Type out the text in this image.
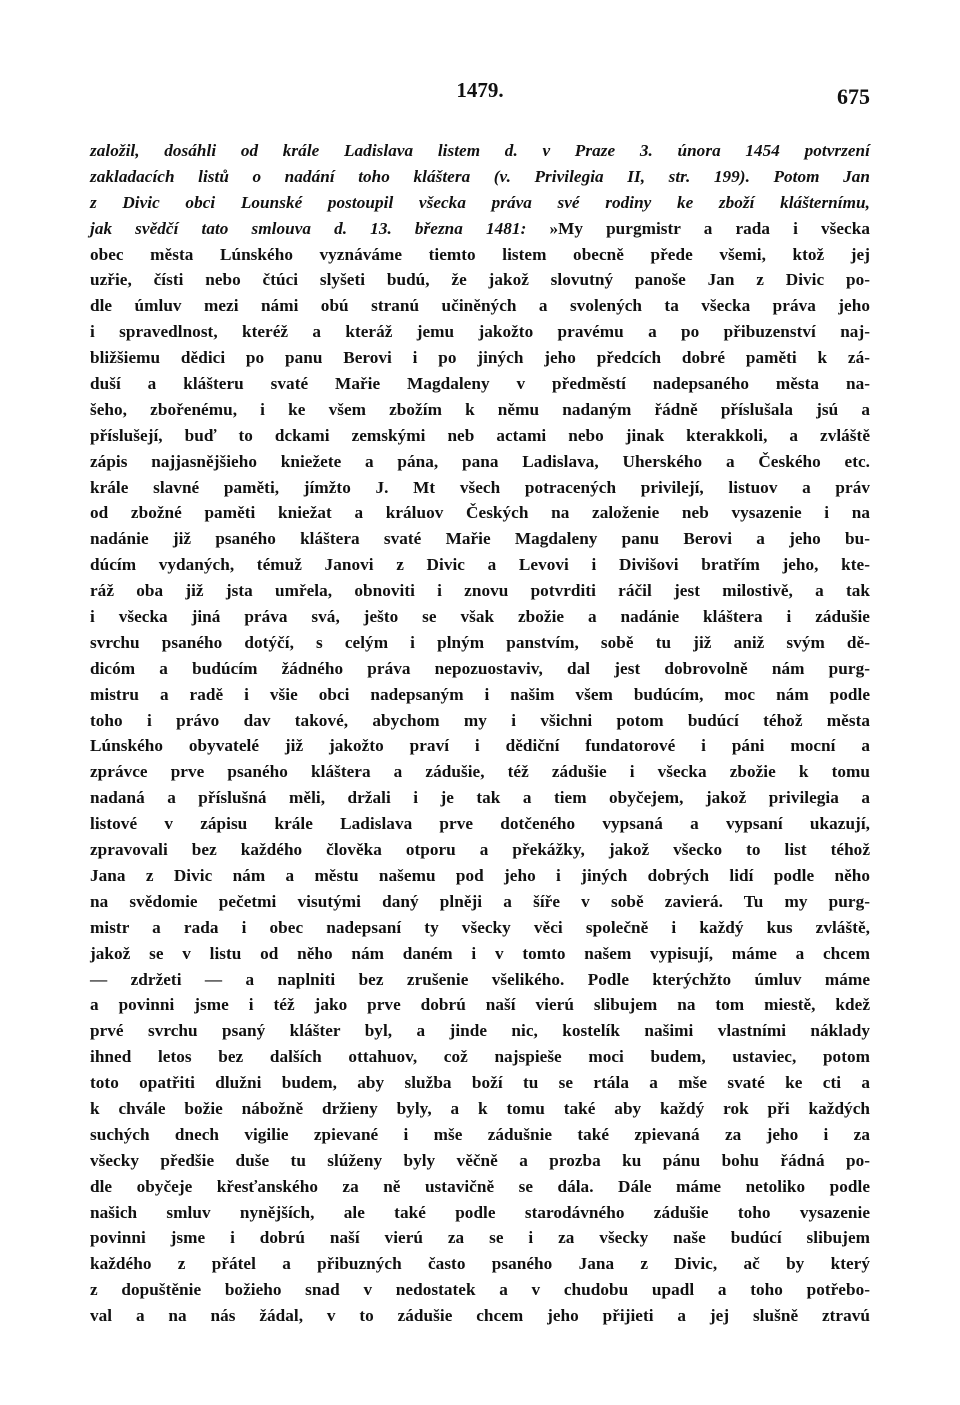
1479.	675
založil, dosáhli od krále Ladislava listem d. v Praze 3. února 1454 potvrzení
zakladacích listů o nadání toho kláštera (v. Privilegia II, str. 199). Potom Jan
z Divic obci Lounské postoupil všecka práva své rodiny ke zboží klášternímu,
jak svědčí tato smlouva d. 13. března 1481: »My purgmistr a rada i všecka
obec města Lúnského vyznáváme tiemto listem obecně přede všemi, ktož jej
uzřie, čísti nebo čtúci slyšeti budú, že jakož slovutný panoše Jan z Divic po-
dle úmluv mezi námi obú stranú učiněných a svolených ta všecka práva jeho
i spravedlnost, kteréž a kteráž jemu jakožto pravému a po přibuzenství naj-
bližšiemu dědici po panu Berovi i po jiných jeho předcích dobré paměti k zá-
duší a klášteru svaté Mařie Magdaleny v předměstí nadepsaného města na-
šeho, zbořenému, i ke všem zbožím k němu nadaným řádně příslušala jsú a
příslušejí, buď to dckami zemskými neb actami nebo jinak kterakkoli, a zvláště
zápis najjasnějšieho kniežete a pána, pana Ladislava, Uherského a Českého etc.
krále slavné paměti, jímžto J. Mt všech potracených privilejí, listuov a práv
od zbožné paměti kniežat a králuov Českých na založenie neb vysazenie i na
nadánie již psaného kláštera svaté Mařie Magdaleny panu Berovi a jeho bu-
dúcím vydaných, témuž Janovi z Divic a Levovi i Divišovi bratřím jeho, kte-
ráž oba již jsta umřela, obnoviti i znovu potvrditi ráčil jest milostivě, a tak
i všecka jiná práva svá, ješto se však zbožie a nadánie kláštera i zádušie
svrchu psaného dotýčí, s celým i plným panstvím, sobě tu již aniž svým dě-
dicóm a budúcím žádného práva nepozuostaviv, dal jest dobrovolně nám purg-
mistru a radě i všie obci nadepsaným i našim všem budúcím, moc nám podle
toho i právo dav takové, abychom my i všichni potom budúcí téhož města
Lúnského obyvatelé již jakožto praví i dědiční fundatorové i páni mocní a
zprávce prve psaného kláštera a zádušie, též zádušie i všecka zbožie k tomu
nadaná a příslušná měli, držali i je tak a tiem obyčejem, jakož privilegia a
listové v zápisu krále Ladislava prve dotčeného vypsaná a vypsaní ukazují,
zpravovali bez každého člověka otporu a překážky, jakož všecko to list téhož
Jana z Divic nám a městu našemu pod jeho i jiných dobrých lidí podle něho
na svědomie pečetmi visutými daný plněji a šíře v sobě zavierá. Tu my purg-
mistr a rada i obec nadepsaní ty všecky věci společně i každý kus zvláště,
jakož se v listu od něho nám daném i v tomto našem vypisují, máme a chcem
— zdržeti — a naplniti bez zrušenie všelikého. Podle kterýchžto úmluv máme
a povinni jsme i též jako prve dobrú naší vierú slibujem na tom miestě, kdež
prvé svrchu psaný klášter byl, a jinde nic, kostelík našimi vlastními náklady
ihned letos bez dalších ottahuov, což najspieše moci budem, ustaviec, potom
toto opatřiti dlužni budem, aby služba boží tu se rtála a mše svaté ke cti a
k chvále božie nábožně držieny byly, a k tomu také aby každý rok při každých
suchých dnech vigilie zpievané i mše zádušnie také zpievaná za jeho i za
všecky předšie duše tu slúženy byly věčně a prozba ku pánu bohu řádná po-
dle obyčeje křesťanského za ně ustavičně se dála. Dále máme netoliko podle
našich smluv nynějších, ale také podle starodávného zádušie toho vysazenie
povinni jsme i dobrú naší vierú za se i za všecky naše budúcí slibujem
každého z přátel a přibuzných často psaného Jana z Divic, ač by který
z dopuštěnie božieho snad v nedostatek a v chudobu upadl a toho potřebo-
val a na nás žádal, v to zádušie chcem jeho přijieti a jej slušně ztravú
